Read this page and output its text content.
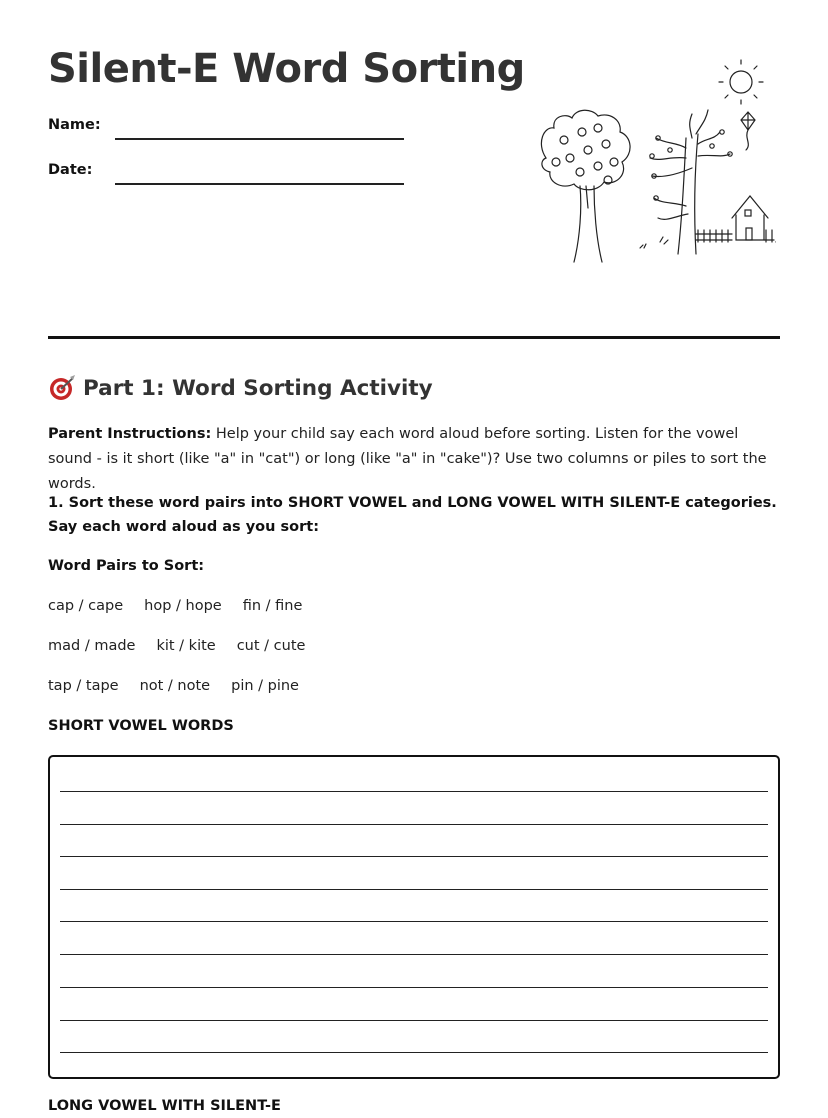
Silent-E Word Sorting
Name:
Date:
Part 1: Word Sorting Activity

Parent Instructions: Help your child say each word aloud before sorting. Listen for the vowel sound - is it short (like "a" in "cat") or long (like "a" in "cake")? Use two columns or piles to sort the words.

1. Sort these word pairs into SHORT VOWEL and LONG VOWEL WITH SILENT-E categories. Say each word aloud as you sort:

Word Pairs to Sort:

cap / cape hop / hope fin / fine
mad / made kit / kite cut / cute
tap / tape not / note pin / pine

SHORT VOWEL WORDS

LONG VOWEL WITH SILENT-E
